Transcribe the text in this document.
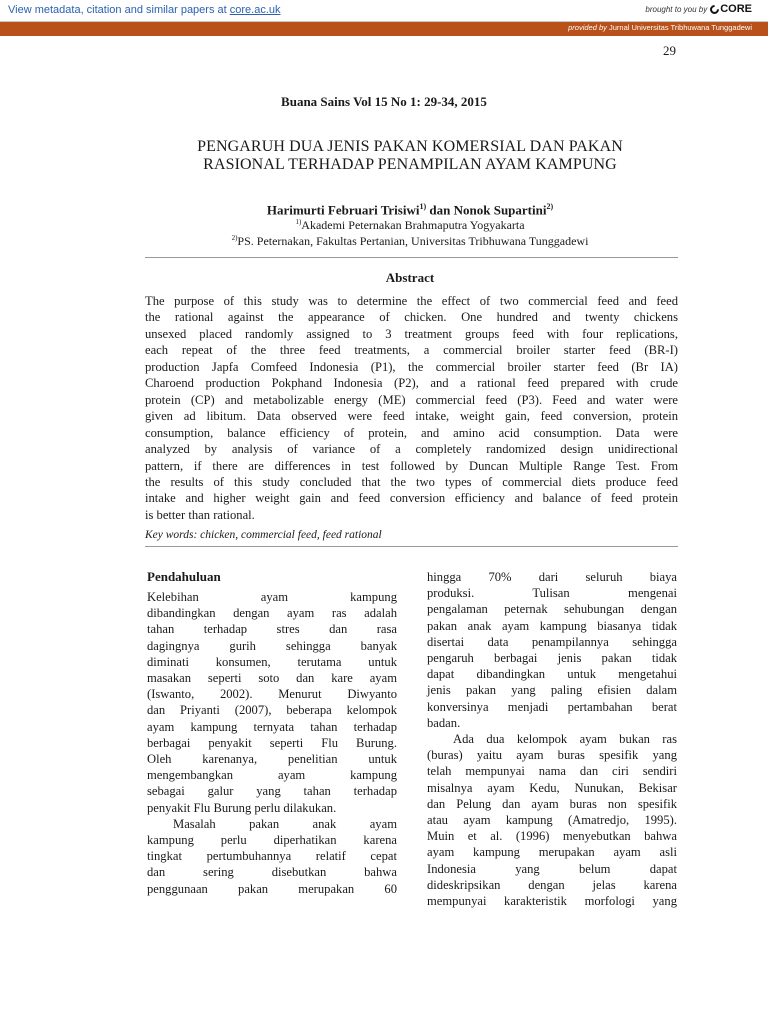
View metadata, citation and similar papers at core.ac.uk	brought to you by CORE
provided by Jurnal Universitas Tribhuwana Tunggadewi
29
Buana Sains Vol 15 No 1: 29-34, 2015
PENGARUH DUA JENIS PAKAN KOMERSIAL DAN PAKAN
RASIONAL TERHADAP PENAMPILAN AYAM KAMPUNG
Harimurti Februari Trisiwi$^{1)}$ dan Nonok Supartini$^{2)}$
$^{1)}$Akademi Peternakan Brahmaputra Yogyakarta
$^{2)}$PS. Peternakan, Fakultas Pertanian, Universitas Tribhuwana Tunggadewi
Abstract
The purpose of this study was to determine the effect of two commercial feed and feed
the rational against the appearance of chicken. One hundred and twenty chickens
unsexed placed randomly assigned to 3 treatment groups feed with four replications,
each repeat of the three feed treatments, a commercial broiler starter feed (BR-I)
production Japfa Comfeed Indonesia (P1), the commercial broiler starter feed (Br IA)
Charoend production Pokphand Indonesia (P2), and a rational feed prepared with crude
protein (CP) and metabolizable energy (ME) commercial feed (P3). Feed and water were
given ad libitum. Data observed were feed intake, weight gain, feed conversion, protein
consumption, balance efficiency of protein, and amino acid consumption. Data were
analyzed by analysis of variance of a completely randomized design unidirectional
pattern, if there are differences in test followed by Duncan Multiple Range Test. From
the results of this study concluded that the two types of commercial diets produce feed
intake and higher weight gain and feed conversion efficiency and balance of feed protein
is better than rational.
Key words: chicken, commercial feed, feed rational
Pendahuluan
Kelebihan ayam kampung
dibandingkan dengan ayam ras adalah
tahan terhadap stres dan rasa
dagingnya gurih sehingga banyak
diminati konsumen, terutama untuk
masakan seperti soto dan kare ayam
(Iswanto, 2002). Menurut Diwyanto
dan Priyanti (2007), beberapa kelompok
ayam kampung ternyata tahan terhadap
berbagai penyakit seperti Flu Burung.
Oleh karenanya, penelitian untuk
mengembangkan ayam kampung
sebagai galur yang tahan terhadap
penyakit Flu Burung perlu dilakukan.
Masalah pakan anak ayam
kampung perlu diperhatikan karena
tingkat pertumbuhannya relatif cepat
dan sering disebutkan bahwa
penggunaan pakan merupakan 60
hingga 70% dari seluruh biaya
produksi. Tulisan mengenai
pengalaman peternak sehubungan dengan
pakan anak ayam kampung biasanya tidak
disertai data penampilannya sehingga
pengaruh berbagai jenis pakan tidak
dapat dibandingkan untuk mengetahui
jenis pakan yang paling efisien dalam
konversinya menjadi pertambahan berat
badan.
Ada dua kelompok ayam bukan ras
(buras) yaitu ayam buras spesifik yang
telah mempunyai nama dan ciri sendiri
misalnya ayam Kedu, Nunukan, Bekisar
dan Pelung dan ayam buras non spesifik
atau ayam kampung (Amatredjo, 1995).
Muin et al. (1996) menyebutkan bahwa
ayam kampung merupakan ayam asli
Indonesia yang belum dapat
dideskripsikan dengan jelas karena
mempunyai karakteristik morfologi yang
